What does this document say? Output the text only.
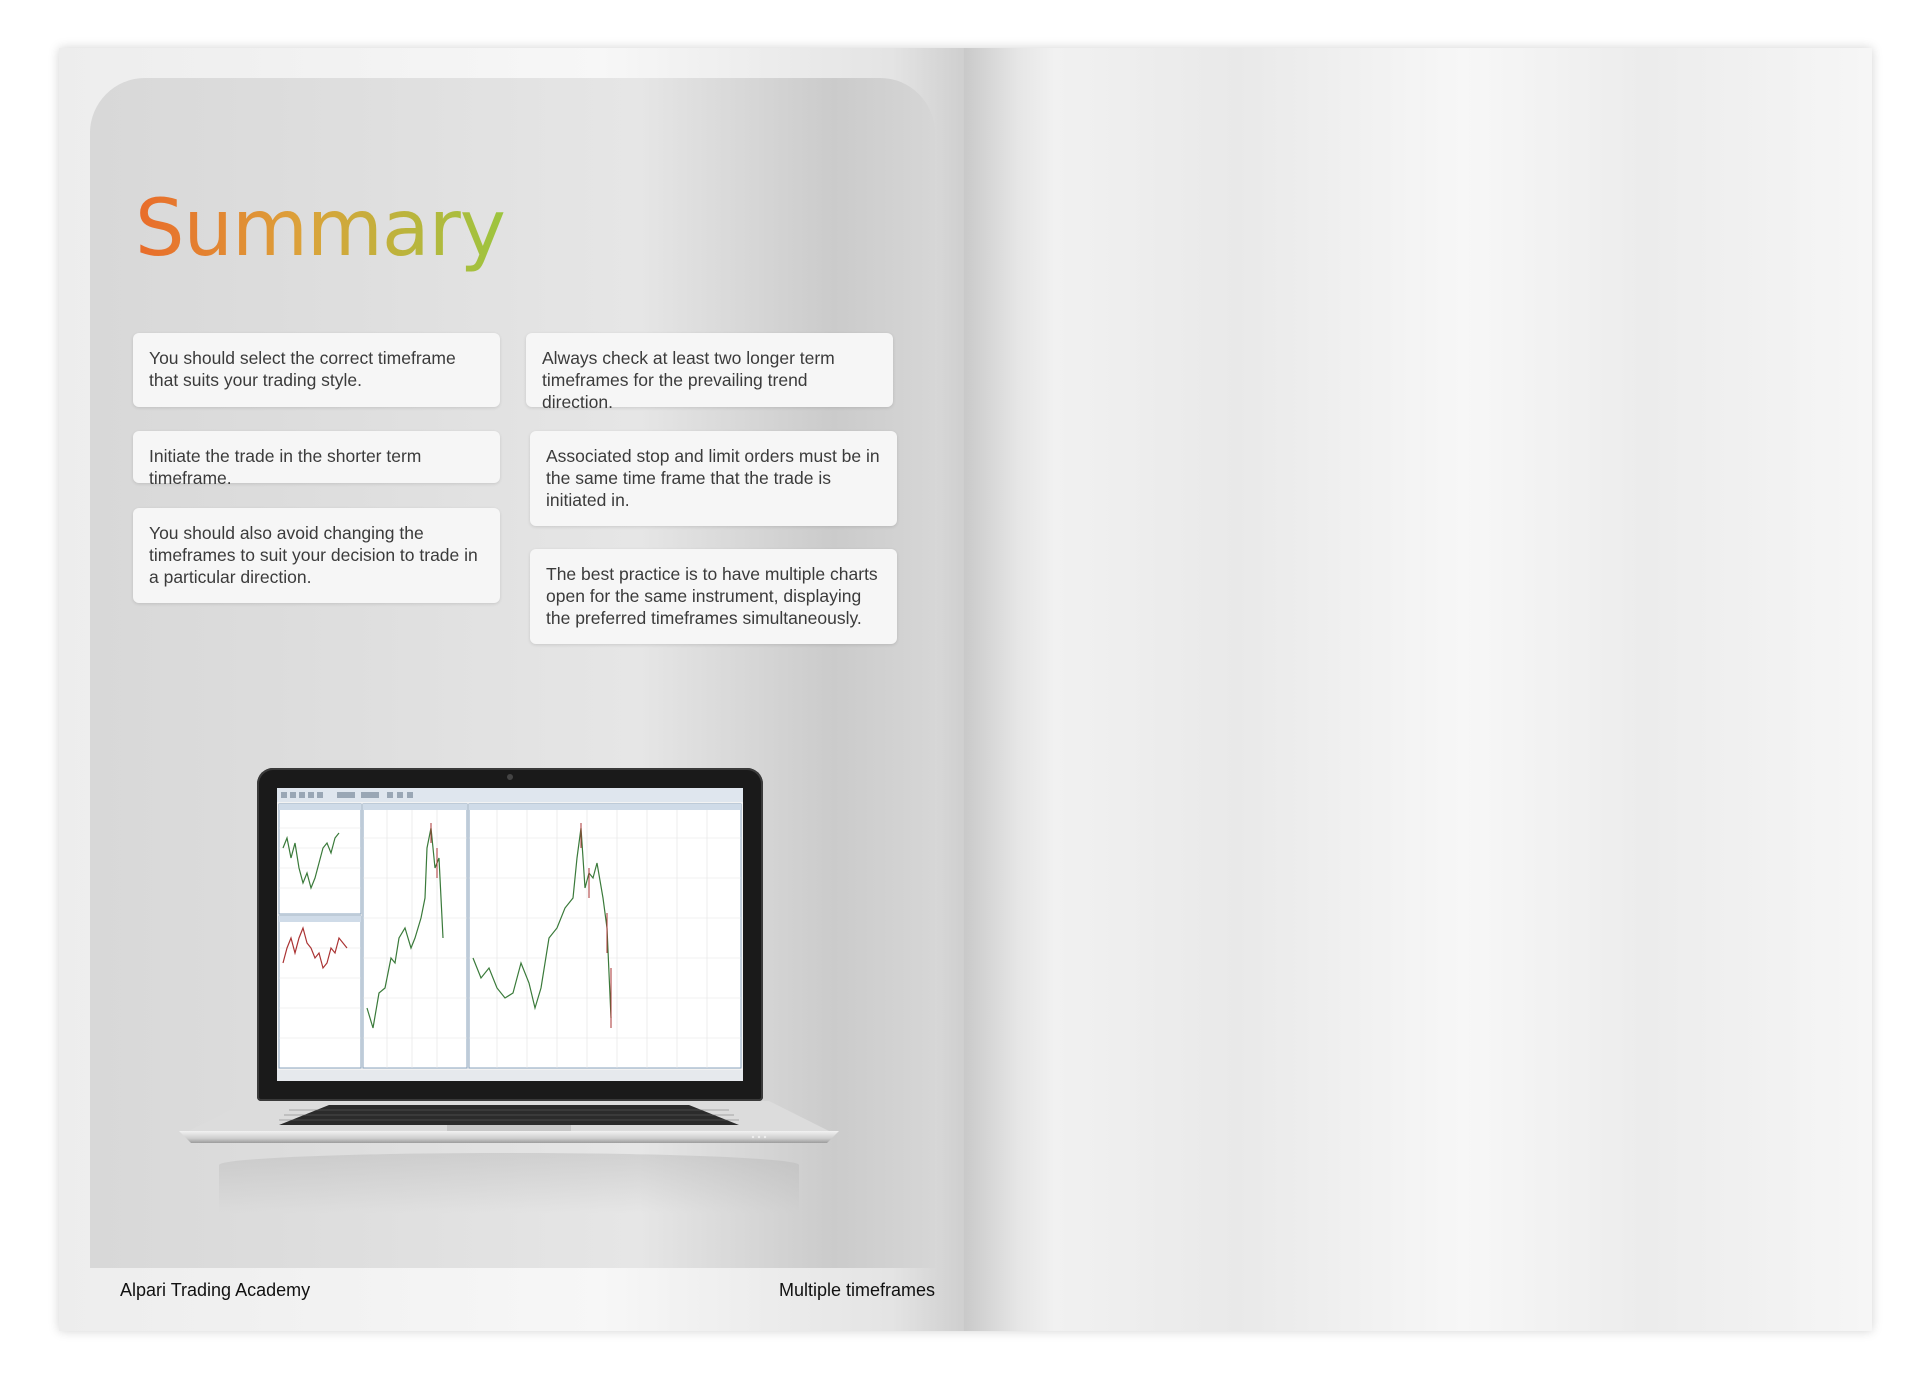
Summary
You should select the correct timeframe that suits your trading style.
Initiate the trade in the shorter term timeframe.
You should also avoid changing the timeframes to suit your decision to trade in a particular direction.
Always check at least two longer term timeframes for the prevailing trend direction.
Associated stop and limit orders must be in the same time frame that the trade is initiated in.
The best practice is to have multiple charts open for the same instrument, displaying the preferred timeframes simultaneously.
Alpari Trading Academy	Multiple timeframes
